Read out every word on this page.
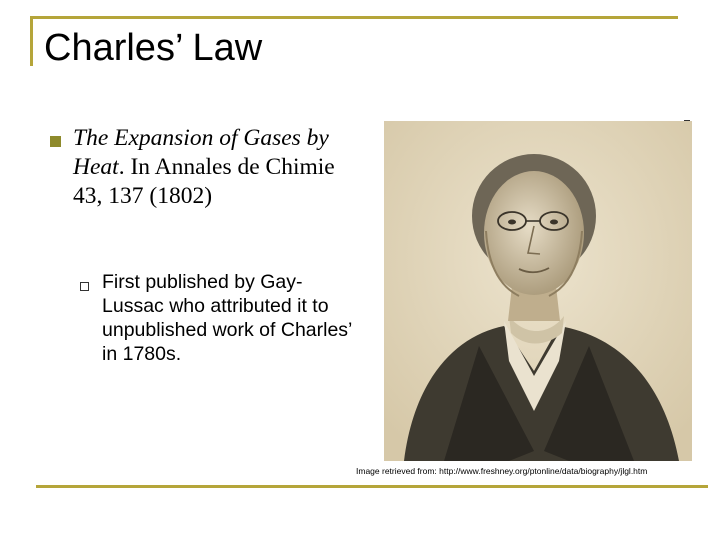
Charles’ Law
The Expansion of Gases by Heat. In Annales de Chimie 43, 137 (1802)
First published by Gay-Lussac who attributed it to unpublished work of Charles’ in 1780s.
Image retrieved from: http://www.freshney.org/ptonline/data/biography/jlgl.htm
